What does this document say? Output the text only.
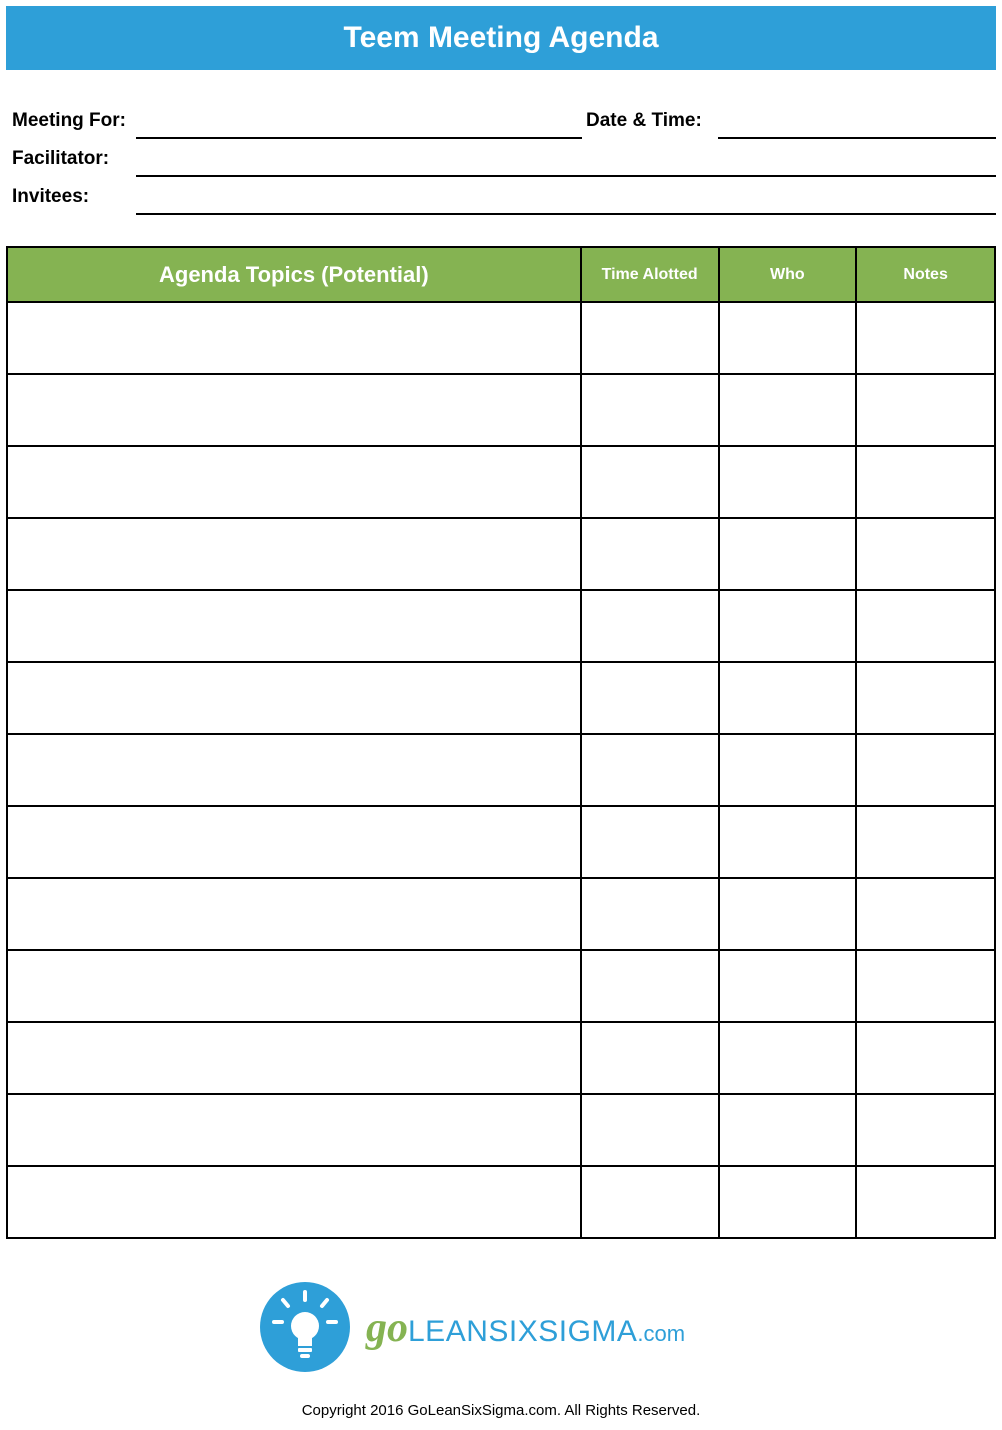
Teem Meeting Agenda
Meeting For:	Date & Time:
Facilitator:
Invitees:
Agenda Topics (Potential)	Time Alotted	Who	Notes

go LEANSIXSIGMA .com
Copyright 2016 GoLeanSixSigma.com. All Rights Reserved.
